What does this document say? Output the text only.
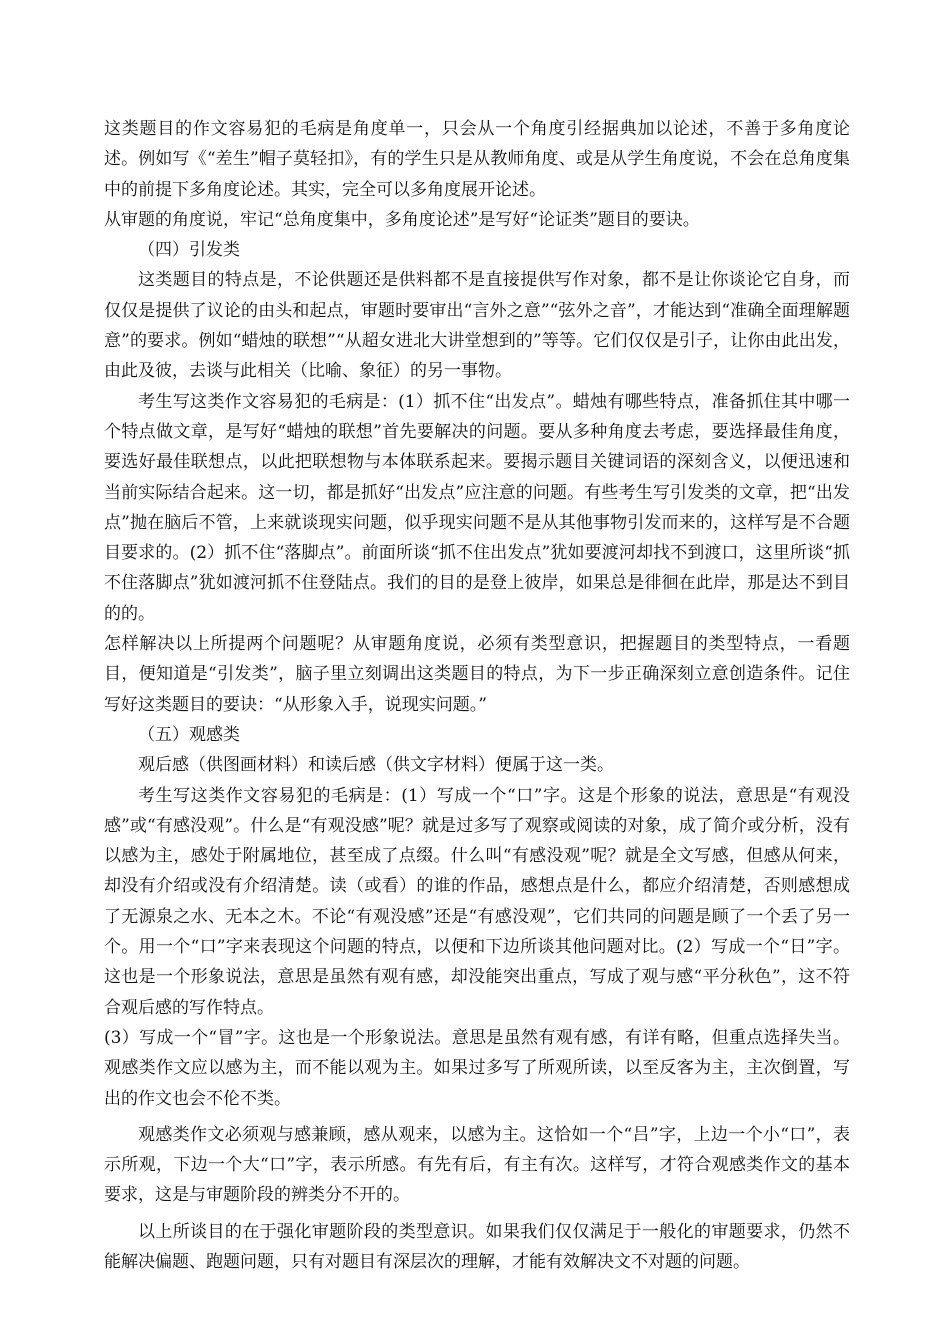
这类题目的作文容易犯的毛病是角度单一，只会从一个角度引经据典加以论述，不善于多角度论述。例如写《“差生”帽子莫轻扣》，有的学生只是从教师角度、或是从学生角度说，不会在总角度集中的前提下多角度论述。其实，完全可以多角度展开论述。

从审题的角度说，牢记“总角度集中，多角度论述”是写好“论证类”题目的要诀。

（四）引发类

这类题目的特点是，不论供题还是供料都不是直接提供写作对象，都不是让你谈论它自身，而仅仅是提供了议论的由头和起点，审题时要审出“言外之意”“弦外之音”，才能达到“准确全面理解题意”的要求。例如“蜡烛的联想”“从超女进北大讲堂想到的”等等。它们仅仅是引子，让你由此出发，由此及彼，去谈与此相关（比喻、象征）的另一事物。

考生写这类作文容易犯的毛病是：(1）抓不住“出发点”。蜡烛有哪些特点，准备抓住其中哪一个特点做文章，是写好“蜡烛的联想”首先要解决的问题。要从多种角度去考虑，要选择最佳角度，要选好最佳联想点，以此把联想物与本体联系起来。要揭示题目关键词语的深刻含义，以便迅速和当前实际结合起来。这一切，都是抓好“出发点”应注意的问题。有些考生写引发类的文章，把“出发点”抛在脑后不管，上来就谈现实问题，似乎现实问题不是从其他事物引发而来的，这样写是不合题目要求的。(2）抓不住“落脚点”。前面所谈“抓不住出发点”犹如要渡河却找不到渡口，这里所谈“抓不住落脚点”犹如渡河抓不住登陆点。我们的目的是登上彼岸，如果总是徘徊在此岸，那是达不到目的的。

怎样解决以上所提两个问题呢？从审题角度说，必须有类型意识，把握题目的类型特点，一看题目，便知道是“引发类”，脑子里立刻调出这类题目的特点，为下一步正确深刻立意创造条件。记住写好这类题目的要诀：“从形象入手，说现实问题。”

（五）观感类

观后感（供图画材料）和读后感（供文字材料）便属于这一类。

考生写这类作文容易犯的毛病是：(1）写成一个“口”字。这是个形象的说法，意思是“有观没感”或“有感没观”。什么是“有观没感”呢？就是过多写了观察或阅读的对象，成了简介或分析，没有以感为主，感处于附属地位，甚至成了点缀。什么叫“有感没观”呢？就是全文写感，但感从何来，却没有介绍或没有介绍清楚。读（或看）的谁的作品，感想点是什么，都应介绍清楚，否则感想成了无源泉之水、无本之木。不论“有观没感”还是“有感没观”，它们共同的问题是顾了一个丢了另一个。用一个“口”字来表现这个问题的特点，以便和下边所谈其他问题对比。(2）写成一个“日”字。这也是一个形象说法，意思是虽然有观有感，却没能突出重点，写成了观与感“平分秋色”，这不符合观后感的写作特点。

(3）写成一个“冒”字。这也是一个形象说法。意思是虽然有观有感，有详有略，但重点选择失当。观感类作文应以感为主，而不能以观为主。如果过多写了所观所读，以至反客为主，主次倒置，写出的作文也会不伦不类。

观感类作文必须观与感兼顾，感从观来，以感为主。这恰如一个“吕”字，上边一个小“口”，表示所观，下边一个大“口”字，表示所感。有先有后，有主有次。这样写，才符合观感类作文的基本要求，这是与审题阶段的辨类分不开的。

以上所谈目的在于强化审题阶段的类型意识。如果我们仅仅满足于一般化的审题要求，仍然不能解决偏题、跑题问题，只有对题目有深层次的理解，才能有效解决文不对题的问题。
